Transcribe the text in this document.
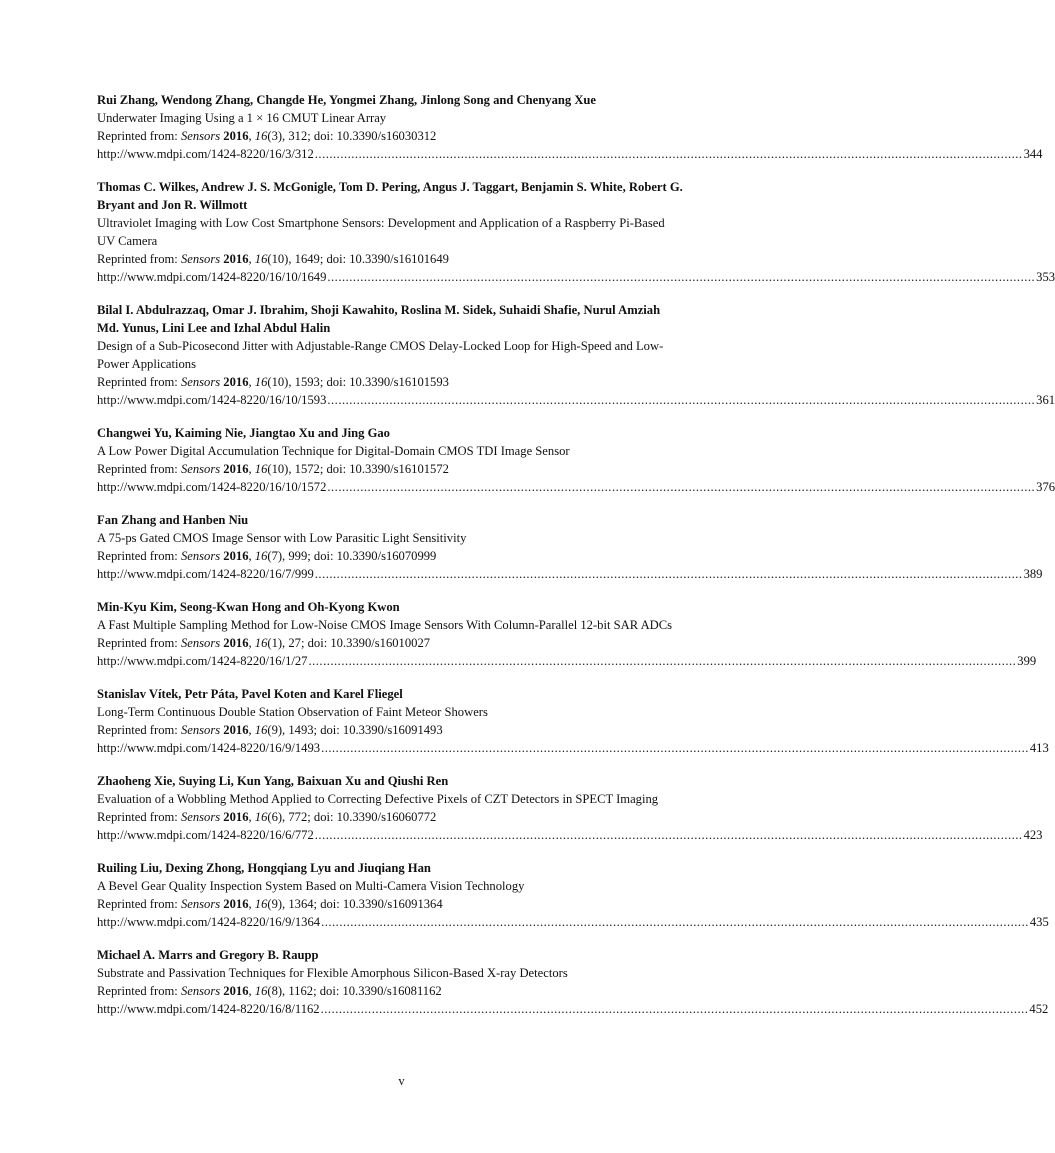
Rui Zhang, Wendong Zhang, Changde He, Yongmei Zhang, Jinlong Song and Chenyang Xue
Underwater Imaging Using a 1 × 16 CMUT Linear Array
Reprinted from: Sensors 2016, 16(3), 312; doi: 10.3390/s16030312
http://www.mdpi.com/1424-8220/16/3/312 .................................................................................................................................................................................................. 344
Thomas C. Wilkes, Andrew J. S. McGonigle, Tom D. Pering, Angus J. Taggart, Benjamin S. White, Robert G. Bryant and Jon R. Willmott
Ultraviolet Imaging with Low Cost Smartphone Sensors: Development and Application of a Raspberry Pi-Based UV Camera
Reprinted from: Sensors 2016, 16(10), 1649; doi: 10.3390/s16101649
http://www.mdpi.com/1424-8220/16/10/1649 .................................................................................................................................................................................................. 353
Bilal I. Abdulrazzaq, Omar J. Ibrahim, Shoji Kawahito, Roslina M. Sidek, Suhaidi Shafie, Nurul Amziah Md. Yunus, Lini Lee and Izhal Abdul Halin
Design of a Sub-Picosecond Jitter with Adjustable-Range CMOS Delay-Locked Loop for High-Speed and Low-Power Applications
Reprinted from: Sensors 2016, 16(10), 1593; doi: 10.3390/s16101593
http://www.mdpi.com/1424-8220/16/10/1593 .................................................................................................................................................................................................. 361
Changwei Yu, Kaiming Nie, Jiangtao Xu and Jing Gao
A Low Power Digital Accumulation Technique for Digital-Domain CMOS TDI Image Sensor
Reprinted from: Sensors 2016, 16(10), 1572; doi: 10.3390/s16101572
http://www.mdpi.com/1424-8220/16/10/1572 .................................................................................................................................................................................................. 376
Fan Zhang and Hanben Niu
A 75-ps Gated CMOS Image Sensor with Low Parasitic Light Sensitivity
Reprinted from: Sensors 2016, 16(7), 999; doi: 10.3390/s16070999
http://www.mdpi.com/1424-8220/16/7/999 .................................................................................................................................................................................................. 389
Min-Kyu Kim, Seong-Kwan Hong and Oh-Kyong Kwon
A Fast Multiple Sampling Method for Low-Noise CMOS Image Sensors With Column-Parallel 12-bit SAR ADCs
Reprinted from: Sensors 2016, 16(1), 27; doi: 10.3390/s16010027
http://www.mdpi.com/1424-8220/16/1/27 .................................................................................................................................................................................................. 399
Stanislav Vítek, Petr Páta, Pavel Koten and Karel Fliegel
Long-Term Continuous Double Station Observation of Faint Meteor Showers
Reprinted from: Sensors 2016, 16(9), 1493; doi: 10.3390/s16091493
http://www.mdpi.com/1424-8220/16/9/1493 .................................................................................................................................................................................................. 413
Zhaoheng Xie, Suying Li, Kun Yang, Baixuan Xu and Qiushi Ren
Evaluation of a Wobbling Method Applied to Correcting Defective Pixels of CZT Detectors in SPECT Imaging
Reprinted from: Sensors 2016, 16(6), 772; doi: 10.3390/s16060772
http://www.mdpi.com/1424-8220/16/6/772 .................................................................................................................................................................................................. 423
Ruiling Liu, Dexing Zhong, Hongqiang Lyu and Jiuqiang Han
A Bevel Gear Quality Inspection System Based on Multi-Camera Vision Technology
Reprinted from: Sensors 2016, 16(9), 1364; doi: 10.3390/s16091364
http://www.mdpi.com/1424-8220/16/9/1364 .................................................................................................................................................................................................. 435
Michael A. Marrs and Gregory B. Raupp
Substrate and Passivation Techniques for Flexible Amorphous Silicon-Based X-ray Detectors
Reprinted from: Sensors 2016, 16(8), 1162; doi: 10.3390/s16081162
http://www.mdpi.com/1424-8220/16/8/1162 .................................................................................................................................................................................................. 452
v
